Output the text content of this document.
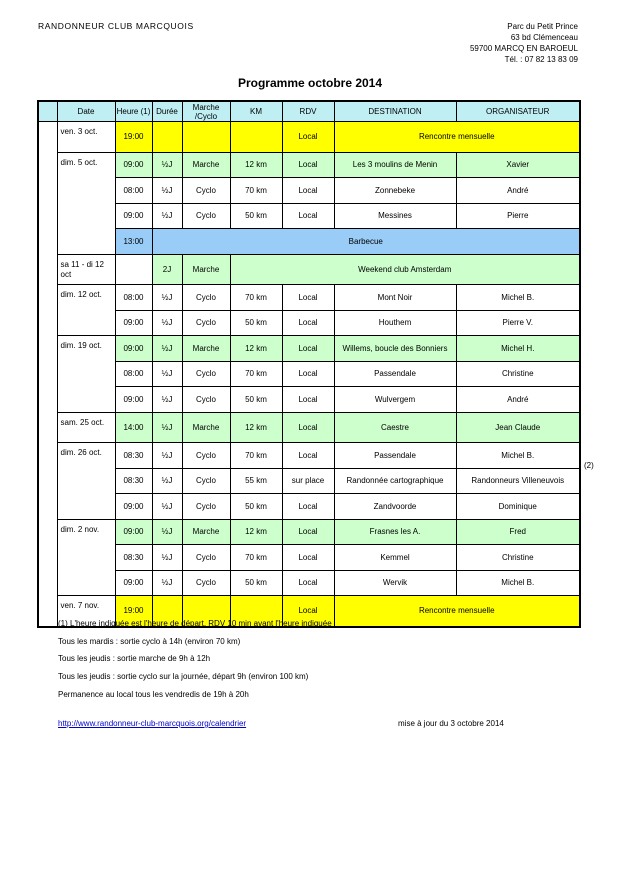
RANDONNEUR CLUB MARCQUOIS	Parc du Petit Prince
63 bd Clémenceau
59700 MARCQ EN BAROEUL
Tél. : 07 82 13 83 09
Programme octobre 2014
	Date	Heure (1)	Durée	Marche /Cyclo	KM	RDV	DESTINATION	ORGANISATEUR
	ven. 3 oct.	19:00				Local	Rencontre mensuelle	
	dim. 5 oct.	09:00	½J	Marche	12 km	Local	Les 3 moulins de Menin	Xavier
		08:00	½J	Cyclo	70 km	Local	Zonnebeke	André
		09:00	½J	Cyclo	50 km	Local	Messines	Pierre
		13:00	Barbecue					
	sa 11 - di 12 oct		2J	Marche	Weekend club Amsterdam			
	dim. 12 oct.	08:00	½J	Cyclo	70 km	Local	Mont Noir	Michel B.
		09:00	½J	Cyclo	50 km	Local	Houthem	Pierre V.
	dim. 19 oct.	09:00	½J	Marche	12 km	Local	Willems, boucle des Bonniers	Michel H.
		08:00	½J	Cyclo	70 km	Local	Passendale	Christine
		09:00	½J	Cyclo	50 km	Local	Wulvergem	André
	sam. 25 oct.	14:00	½J	Marche	12 km	Local	Caestre	Jean Claude
	dim. 26 oct.	08:30	½J	Cyclo	70 km	Local	Passendale	Michel B.
		08:30	½J	Cyclo	55 km	sur place	Randonnée cartographique	Randonneurs Villeneuvois
		09:00	½J	Cyclo	50 km	Local	Zandvoorde	Dominique
	dim. 2 nov.	09:00	½J	Marche	12 km	Local	Frasnes les A.	Fred
		08:30	½J	Cyclo	70 km	Local	Kemmel	Christine
		09:00	½J	Cyclo	50 km	Local	Wervik	Michel B.
	ven. 7 nov.	19:00				Local	Rencontre mensuelle	
(2)
(1) L'heure indiquée est l'heure de départ. RDV 10 min avant l'heure indiquée
Tous les mardis : sortie cyclo à 14h (environ 70 km)
Tous les jeudis : sortie marche de 9h à 12h
Tous les jeudis : sortie cyclo sur la journée, départ 9h (environ 100 km)
Permanence au local tous les vendredis de 19h à 20h
http://www.randonneur-club-marcquois.org/calendrier	mise à jour du 3 octobre 2014
